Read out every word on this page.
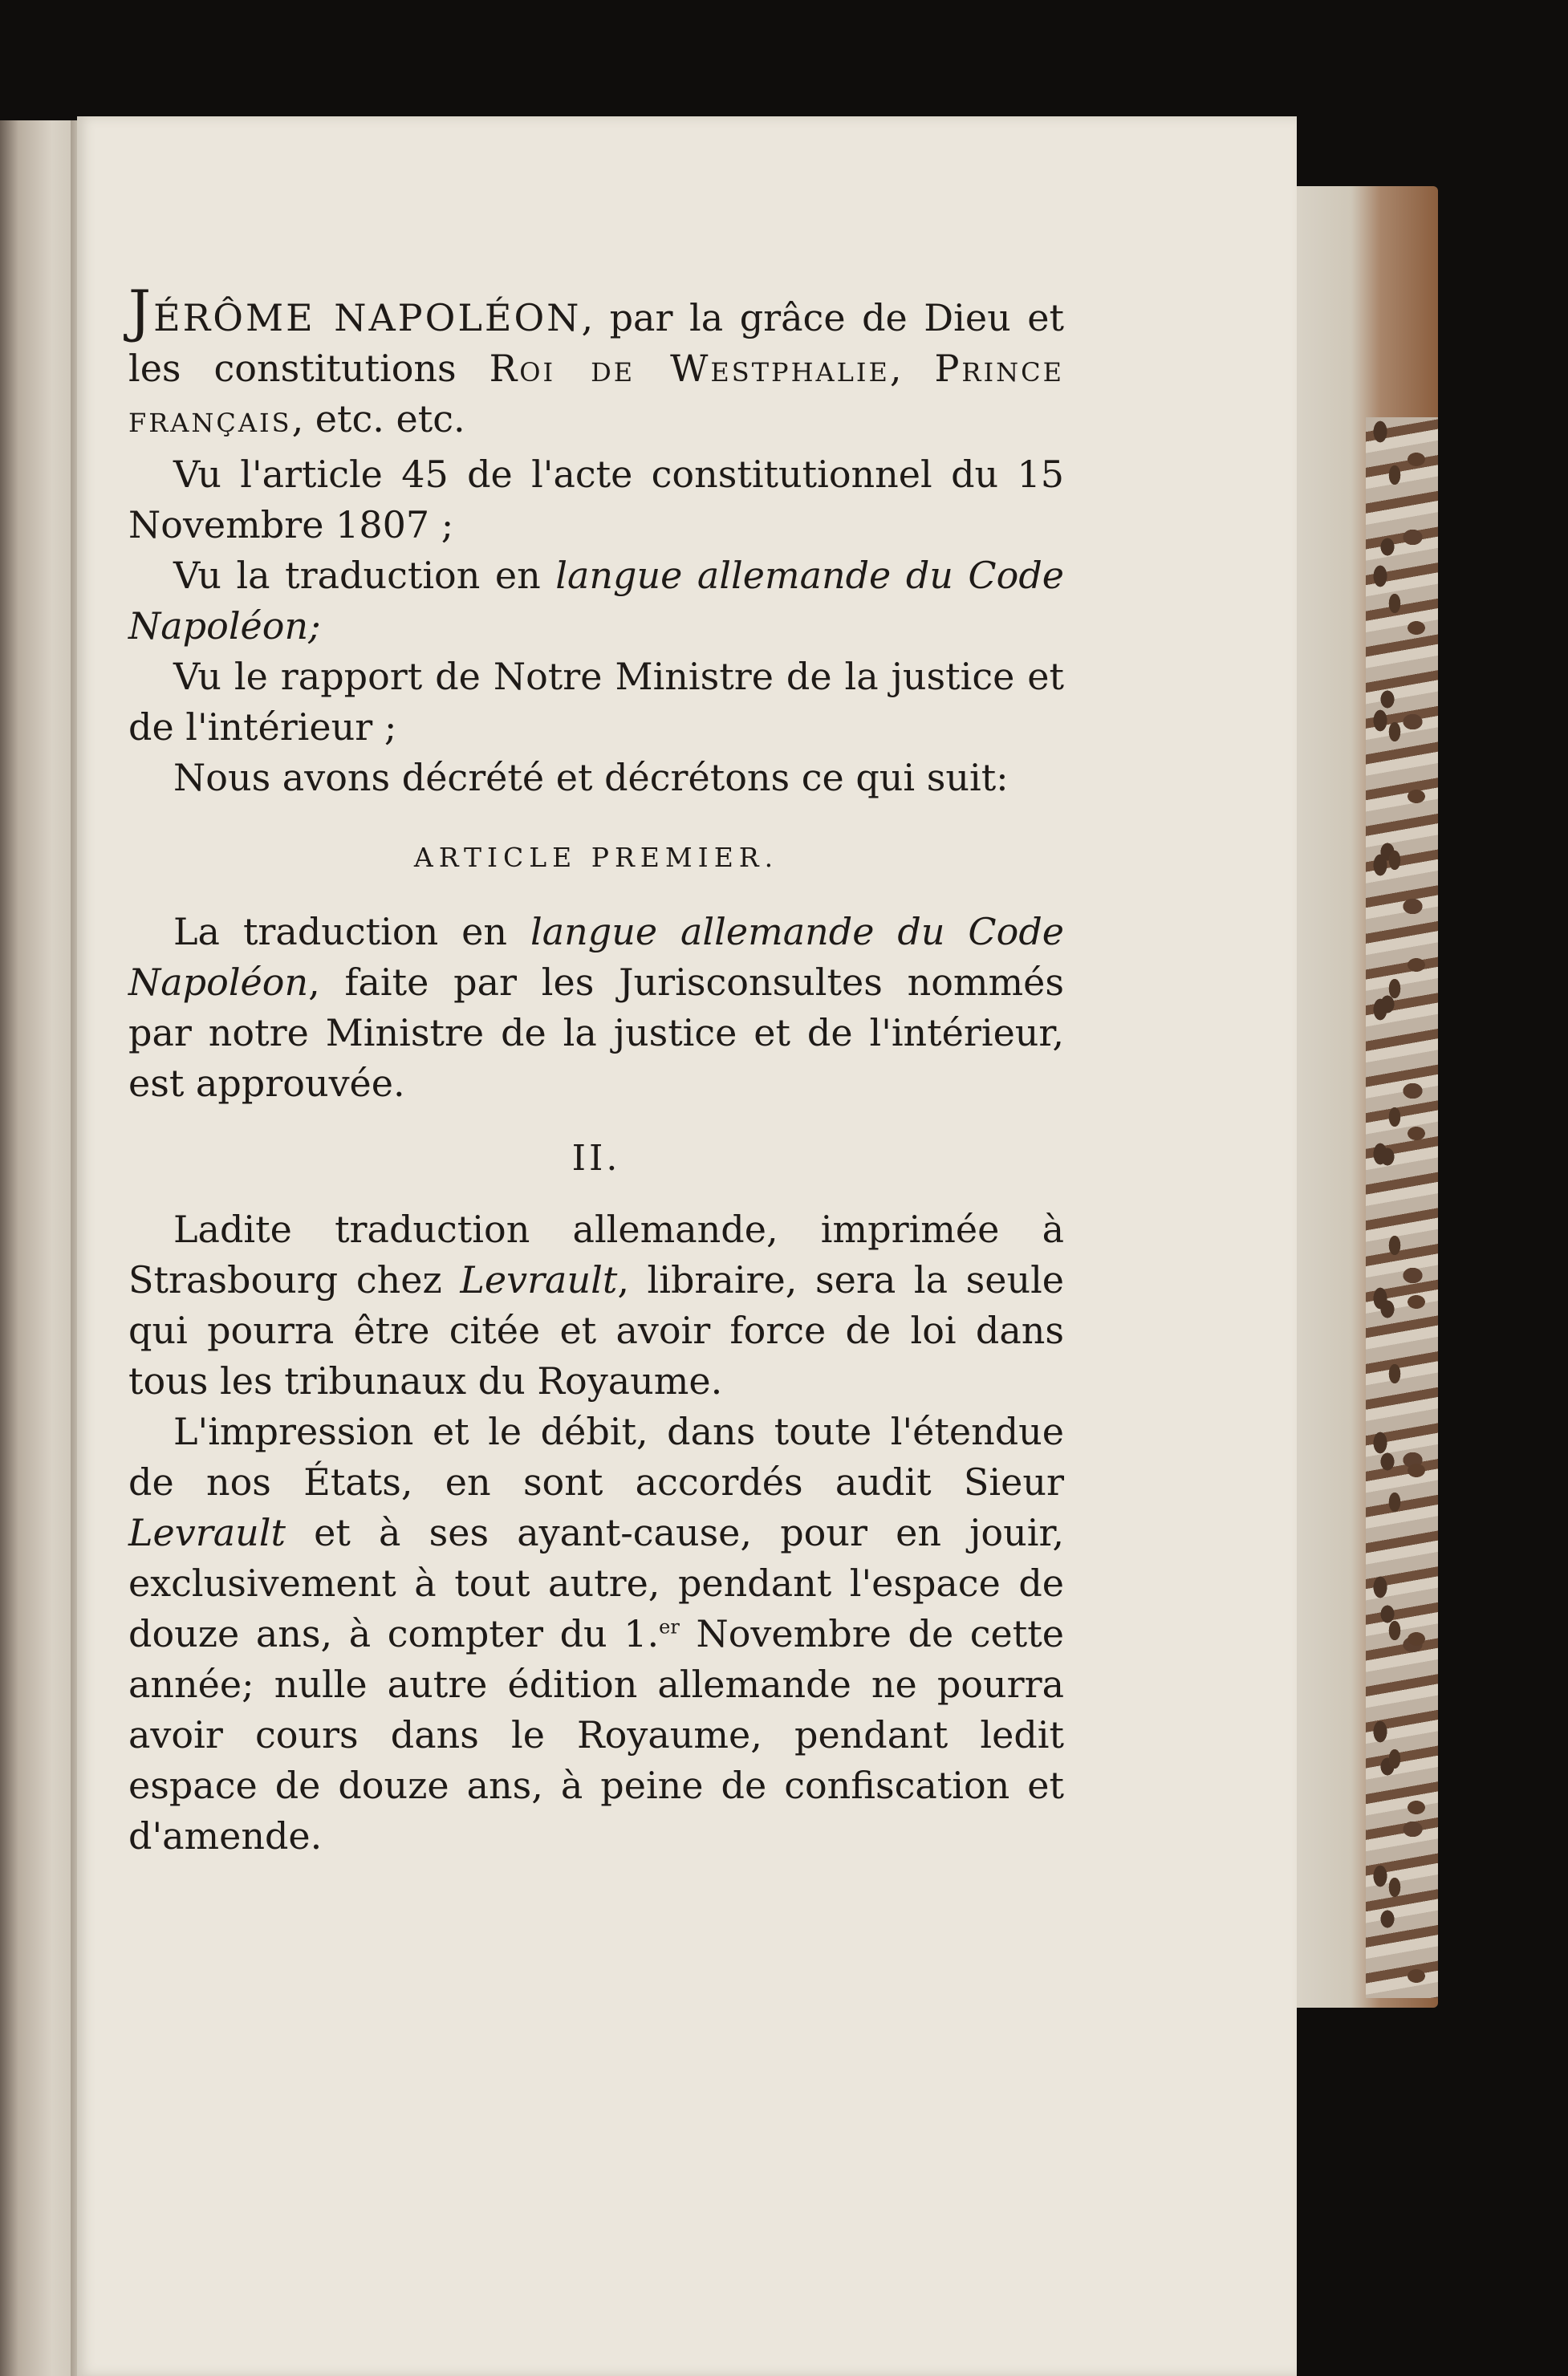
JÉRÔME NAPOLÉON, par la grâce de Dieu et les constitutions Roi de Westphalie, Prince français, etc. etc.

Vu l'article 45 de l'acte constitutionnel du 15 Novembre 1807 ;

Vu la traduction en langue allemande du Code Napoléon;

Vu le rapport de Notre Ministre de la justice et de l'intérieur ;

Nous avons décrété et décrétons ce qui suit:

ARTICLE PREMIER.

La traduction en langue allemande du Code Napoléon, faite par les Jurisconsultes nommés par notre Ministre de la justice et de l'intérieur, est approuvée.

II.

Ladite traduction allemande, imprimée à Strasbourg chez Levrault, libraire, sera la seule qui pourra être citée et avoir force de loi dans tous les tribunaux du Royaume.

L'impression et le débit, dans toute l'étendue de nos États, en sont accordés audit Sieur Levrault et à ses ayant-cause, pour en jouir, exclusivement à tout autre, pendant l'espace de douze ans, à compter du 1.$^{er}$ Novembre de cette année; nulle autre édition allemande ne pourra avoir cours dans le Royaume, pendant ledit espace de douze ans, à peine de confiscation et d'amende.
